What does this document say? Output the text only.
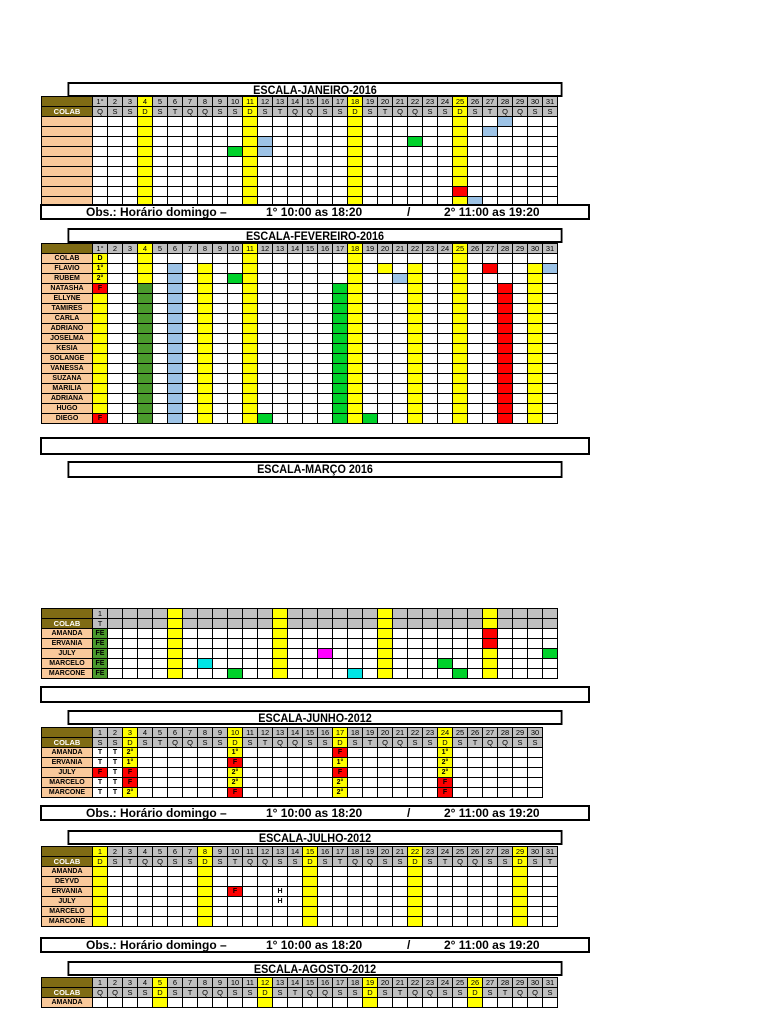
ESCALA-JANEIRO-2016
	1°	2	3	4	5	6	7	8	9	10	11	12	13	14	15	16	17	18	19	20	21	22	23	24	25	26	27	28	29	30	31
COLAB	Q	S	S	D	S	T	Q	Q	S	S	D	S	T	Q	Q	S	S	D	S	T	Q	Q	S	S	D	S	T	Q	Q	S	S

Obs.: Horário domingo –	1° 10:00 as 18:20	/	2° 11:00 as 19:20
ESCALA-FEVEREIRO-2016
	1°	2	3	4	5	6	7	8	9	10	11	12	13	14	15	16	17	18	19	20	21	22	23	24	25	26	27	28	29	30	31
COLAB	D																														
FLAVIO	1°																														
RUBEM	2°																														
NATASHA	F																														
ELLYNE																															
TAMIRES																															
CARLA																															
ADRIANO																															
JOSELMA																															
KESIA																															
SOLANGE																															
VANESSA																															
SUZANA																															
MARILIA																															
ADRIANA																															
HUGO																															
DIEGO	F																														
ESCALA-MARÇO 2016
	1																														
COLAB	T																														
AMANDA	FE																														
ERVANIA	FE																														
JULY	FE																														
MARCELO	FE																														
MARCONE	FE																														
ESCALA-JUNHO-2012
	1	2	3	4	5	6	7	8	9	10	11	12	13	14	15	16	17	18	19	20	21	22	23	24	25	26	27	28	29	30
COLAB	S	S	D	S	T	Q	Q	S	S	D	S	T	Q	Q	S	S	D	S	T	Q	Q	S	S	D	S	T	Q	Q	S	S
AMANDA	T	T	2°							1°							F							1°						
ERVANIA	T	T	1°							F							1°							2°						
JULY	F	T	F							2°							F							2°						
MARCELO	T	T	F							2°							2°							F						
MARCONE	T	T	2°							F							2°							F						
Obs.: Horário domingo –	1° 10:00 as 18:20	/	2° 11:00 as 19:20
ESCALA-JULHO-2012
	1	2	3	4	5	6	7	8	9	10	11	12	13	14	15	16	17	18	19	20	21	22	23	24	25	26	27	28	29	30	31
COLAB	D	S	T	Q	Q	S	S	D	S	T	Q	Q	S	S	D	S	T	Q	Q	S	S	D	S	T	Q	Q	S	S	D	S	T
AMANDA																															
DEYVD																															
ERVANIA										F			H																		
JULY													H																		
MARCELO																															
MARCONE																															
Obs.: Horário domingo –	1° 10:00 as 18:20	/	2° 11:00 as 19:20
ESCALA-AGOSTO-2012
	1	2	3	4	5	6	7	8	9	10	11	12	13	14	15	16	17	18	19	20	21	22	23	24	25	26	27	28	29	30	31
COLAB	Q	Q	S	S	D	S	T	Q	Q	S	S	D	S	T	Q	Q	S	S	D	S	T	Q	Q	S	S	D	S	T	Q	Q	S
AMANDA																															
